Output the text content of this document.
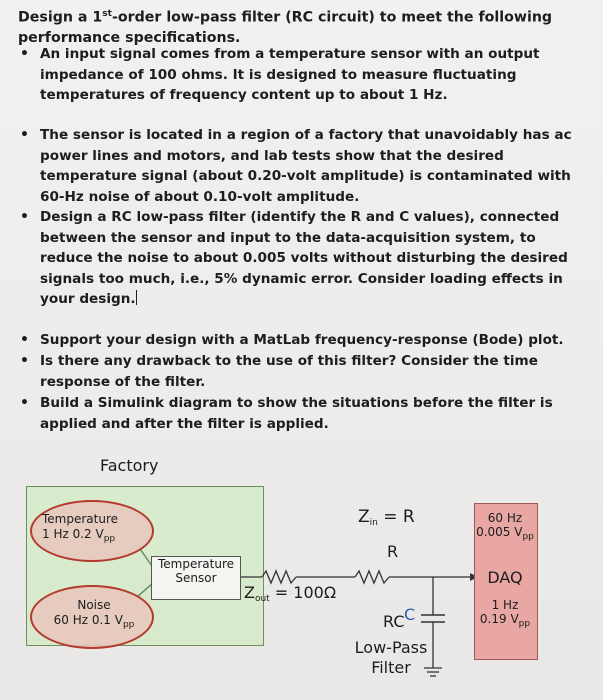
Design a 1st-order low-pass filter (RC circuit) to meet the following performance specifications.
• An input signal comes from a temperature sensor with an output impedance of 100 ohms. It is designed to measure fluctuating temperatures of frequency content up to about 1 Hz.
• The sensor is located in a region of a factory that unavoidably has ac power lines and motors, and lab tests show that the desired temperature signal (about 0.20-volt amplitude) is contaminated with 60-Hz noise of about 0.10-volt amplitude.
• Design a RC low-pass filter (identify the R and C values), connected between the sensor and input to the data-acquisition system, to reduce the noise to about 0.005 volts without disturbing the desired signals too much, i.e., 5% dynamic error. Consider loading effects in your design.
• Support your design with a MatLab frequency-response (Bode) plot.
• Is there any drawback to the use of this filter? Consider the time response of the filter.
• Build a Simulink diagram to show the situations before the filter is applied and after the filter is applied.
Factory
Temperature
1 Hz 0.2 $V_{pp}$
Noise
60 Hz 0.1 $V_{pp}$
Temperature
Sensor
$Z_{out} = 100\Omega$
$Z_{in} = R$
R
RC C
Low-Pass
Filter
60 Hz
0.005 $V_{pp}$
DAQ
1 Hz
0.19 $V_{pp}$
